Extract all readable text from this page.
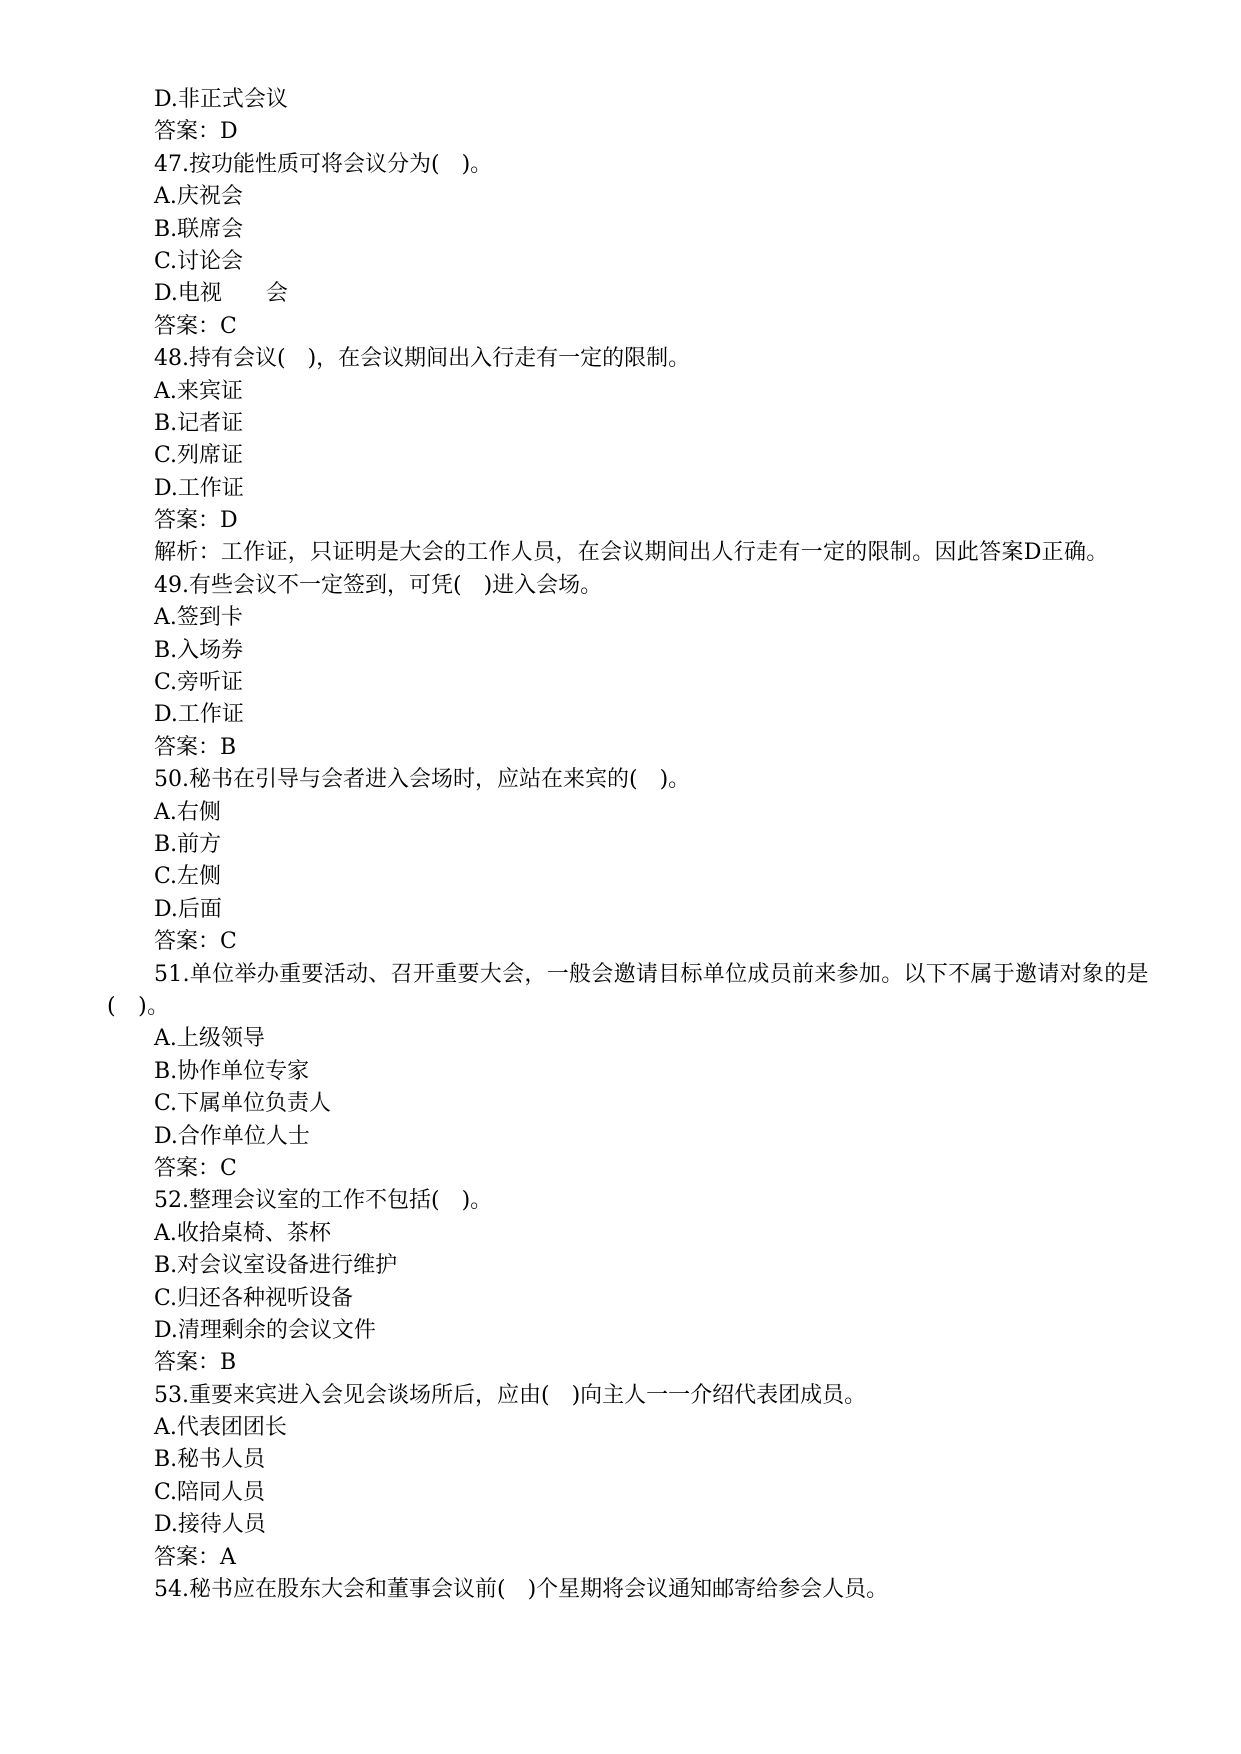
D.非正式会议

答案：D

47.按功能性质可将会议分为(　)。

A.庆祝会

B.联席会

C.讨论会

D.电视　　会

答案：C

48.持有会议(　)，在会议期间出入行走有一定的限制。

A.来宾证

B.记者证

C.列席证

D.工作证

答案：D

解析：工作证，只证明是大会的工作人员，在会议期间出人行走有一定的限制。因此答案D正确。

49.有些会议不一定签到，可凭(　)进入会场。

A.签到卡

B.入场券

C.旁听证

D.工作证

答案：B

50.秘书在引导与会者进入会场时，应站在来宾的(　)。

A.右侧

B.前方

C.左侧

D.后面

答案：C

51.单位举办重要活动、召开重要大会，一般会邀请目标单位成员前来参加。以下不属于邀请对象的是(　)。

A.上级领导

B.协作单位专家

C.下属单位负责人

D.合作单位人士

答案：C

52.整理会议室的工作不包括(　)。

A.收拾桌椅、茶杯

B.对会议室设备进行维护

C.归还各种视听设备

D.清理剩余的会议文件

答案：B

53.重要来宾进入会见会谈场所后，应由(　)向主人一一介绍代表团成员。

A.代表团团长

B.秘书人员

C.陪同人员

D.接待人员

答案：A

54.秘书应在股东大会和董事会议前(　)个星期将会议通知邮寄给参会人员。
